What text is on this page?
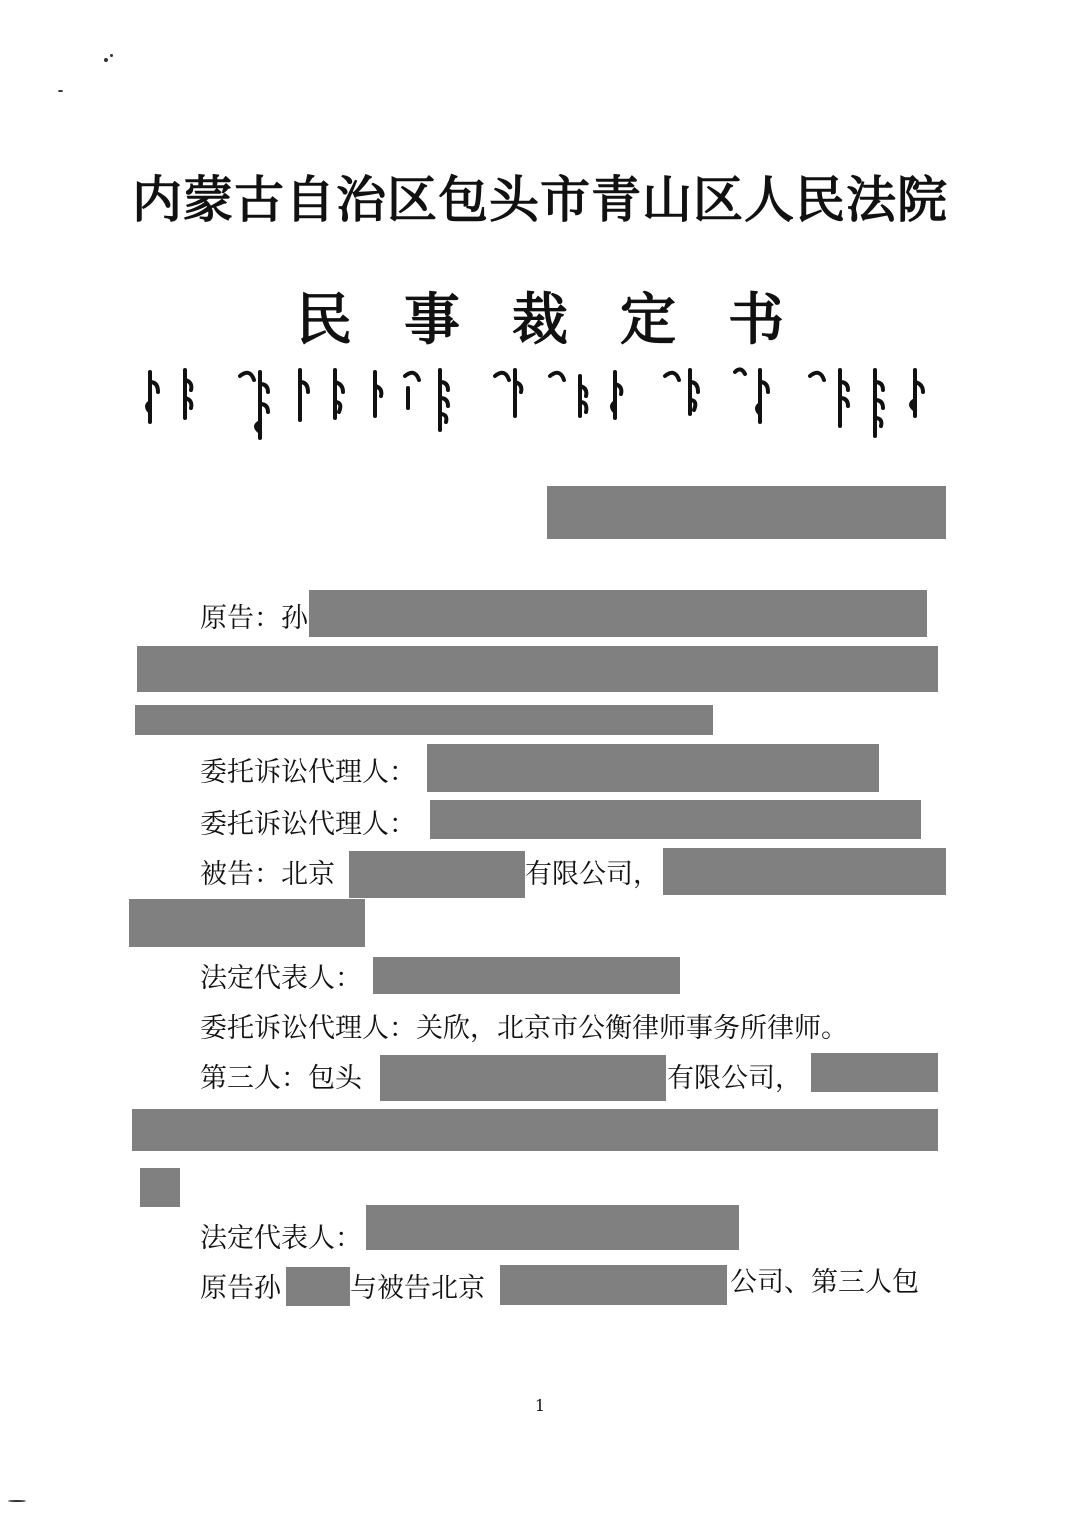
内蒙古自治区包头市青山区人民法院
民事裁定书
原告：孙
委托诉讼代理人：
委托诉讼代理人：
被告：北京	有限公司，
法定代表人：
委托诉讼代理人：关欣，北京市公衡律师事务所律师。
第三人：包头	有限公司，
法定代表人：
原告孙	与被告北京	公司、第三人包
1
